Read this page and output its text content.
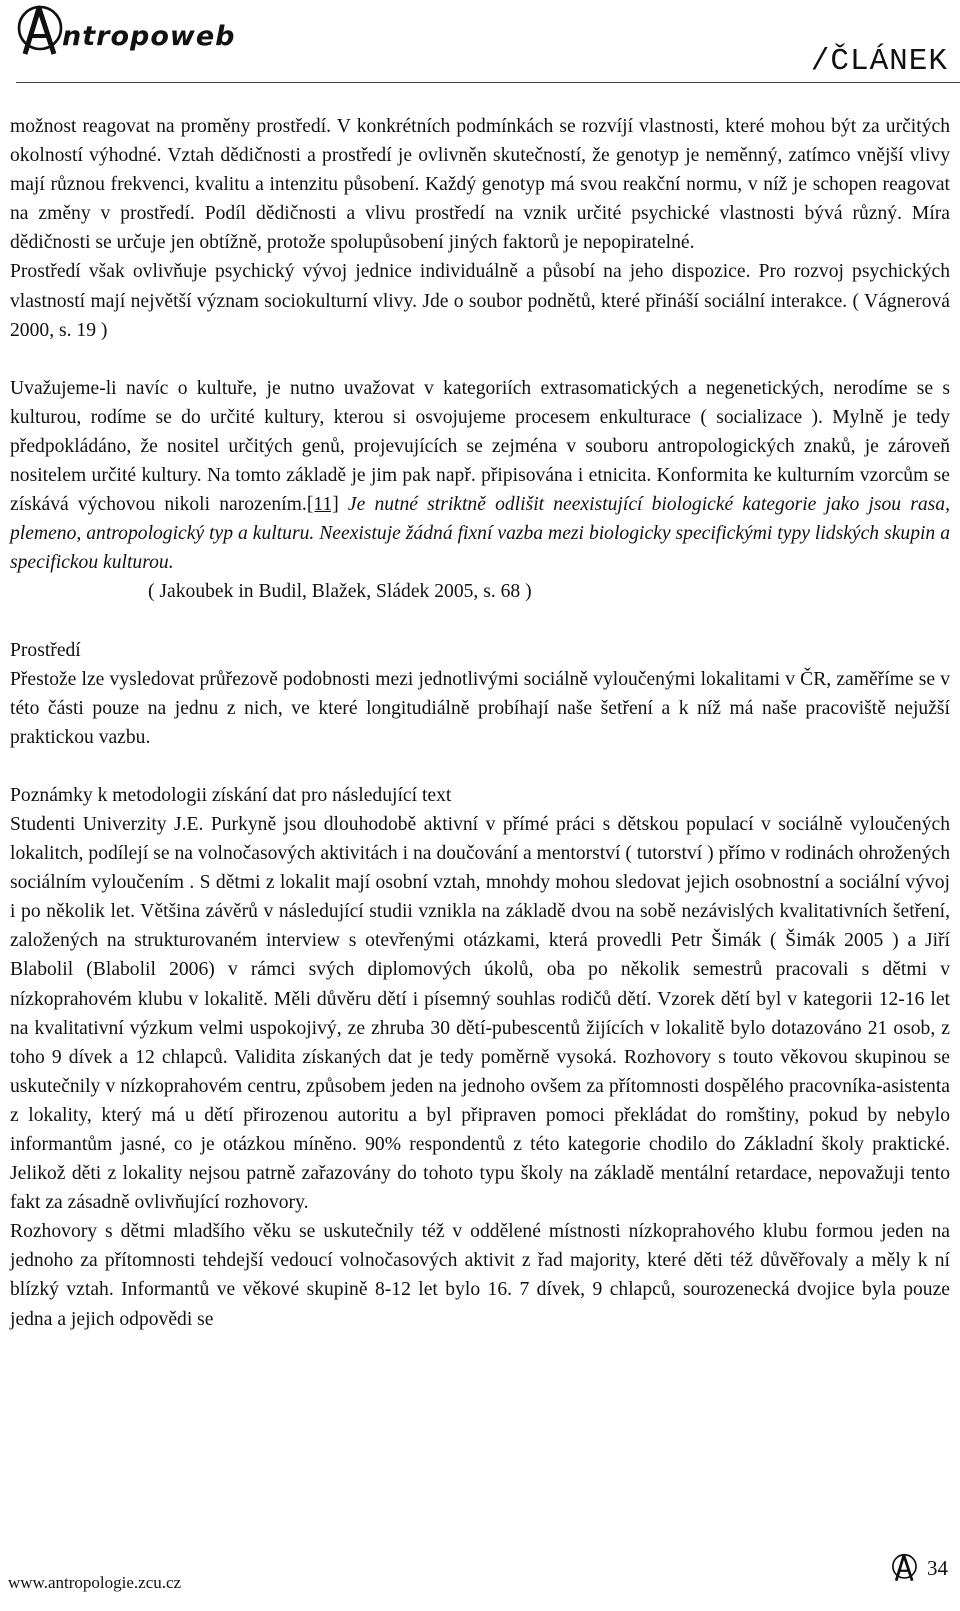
ntropoweb
/ČLÁNEK

možnost reagovat na proměny prostředí. V konkrétních podmínkách se rozvíjí vlastnosti, které mohou být za určitých okolností výhodné. Vztah dědičnosti a prostředí je ovlivněn skutečností, že genotyp je neměnný, zatímco vnější vlivy mají různou frekvenci, kvalitu a intenzitu působení. Každý genotyp má svou reakční normu, v níž je schopen reagovat na změny v prostředí. Podíl dědičnosti a vlivu prostředí na vznik určité psychické vlastnosti bývá různý. Míra dědičnosti se určuje jen obtížně, protože spolupůsobení jiných faktorů je nepopiratelné.

Prostředí však ovlivňuje psychický vývoj jednice individuálně a působí na jeho dispozice. Pro rozvoj psychických vlastností mají největší význam sociokulturní vlivy. Jde o soubor podnětů, které přináší sociální interakce. ( Vágnerová 2000, s. 19 )

Uvažujeme-li navíc o kultuře, je nutno uvažovat v kategoriích extrasomatických a negenetických, nerodíme se s kulturou, rodíme se do určité kultury, kterou si osvojujeme procesem enkulturace ( socializace ). Mylně je tedy předpokládáno, že nositel určitých genů, projevujících se zejména v souboru antropologických znaků, je zároveň nositelem určité kultury. Na tomto základě je jim pak např. připisována i etnicita. Konformita ke kulturním vzorcům se získává výchovou nikoli narozením.[11] Je nutné striktně odlišit neexistující biologické kategorie jako jsou rasa, plemeno, antropologický typ a kulturu. Neexistuje žádná fixní vazba mezi biologicky specifickými typy lidských skupin a specifickou kulturou.

( Jakoubek in Budil, Blažek, Sládek 2005, s. 68 )

Prostředí

Přestože lze vysledovat průřezově podobnosti mezi jednotlivými sociálně vyloučenými lokalitami v ČR, zaměříme se v této části pouze na jednu z nich, ve které longitudiálně probíhají naše šetření a k níž má naše pracoviště nejužší praktickou vazbu.

Poznámky k metodologii získání dat pro následující text

Studenti Univerzity J.E. Purkyně jsou dlouhodobě aktivní v přímé práci s dětskou populací v sociálně vyloučených lokalitch, podílejí se na volnočasových aktivitách i na doučování a mentorství ( tutorství ) přímo v rodinách ohrožených sociálním vyloučením . S dětmi z lokalit mají osobní vztah, mnohdy mohou sledovat jejich osobnostní a sociální vývoj i po několik let. Většina závěrů v následující studii vznikla na základě dvou na sobě nezávislých kvalitativních šetření, založených na strukturovaném interview s otevřenými otázkami, která provedli Petr Šimák ( Šimák 2005 ) a Jiří Blabolil (Blabolil 2006) v rámci svých diplomových úkolů, oba po několik semestrů pracovali s dětmi v nízkoprahovém klubu v lokalitě. Měli důvěru dětí i písemný souhlas rodičů dětí. Vzorek dětí byl v kategorii 12-16 let na kvalitativní výzkum velmi uspokojivý, ze zhruba 30 dětí-pubescentů žijících v lokalitě bylo dotazováno 21 osob, z toho 9 dívek a 12 chlapců. Validita získaných dat je tedy poměrně vysoká. Rozhovory s touto věkovou skupinou se uskutečnily v nízkoprahovém centru, způsobem jeden na jednoho ovšem za přítomnosti dospělého pracovníka-asistenta z lokality, který má u dětí přirozenou autoritu a byl připraven pomoci překládat do romštiny, pokud by nebylo informantům jasné, co je otázkou míněno. 90% respondentů z této kategorie chodilo do Základní školy praktické. Jelikož děti z lokality nejsou patrně zařazovány do tohoto typu školy na základě mentální retardace, nepovažuji tento fakt za zásadně ovlivňující rozhovory.

Rozhovory s dětmi mladšího věku se uskutečnily též v oddělené místnosti nízkoprahového klubu formou jeden na jednoho za přítomnosti tehdejší vedoucí volnočasových aktivit z řad majority, které děti též důvěřovaly a měly k ní blízký vztah. Informantů ve věkové skupině 8-12 let bylo 16. 7 dívek, 9 chlapců, sourozenecká dvojice byla pouze jedna a jejich odpovědi se

www.antropologie.zcu.cz
34
